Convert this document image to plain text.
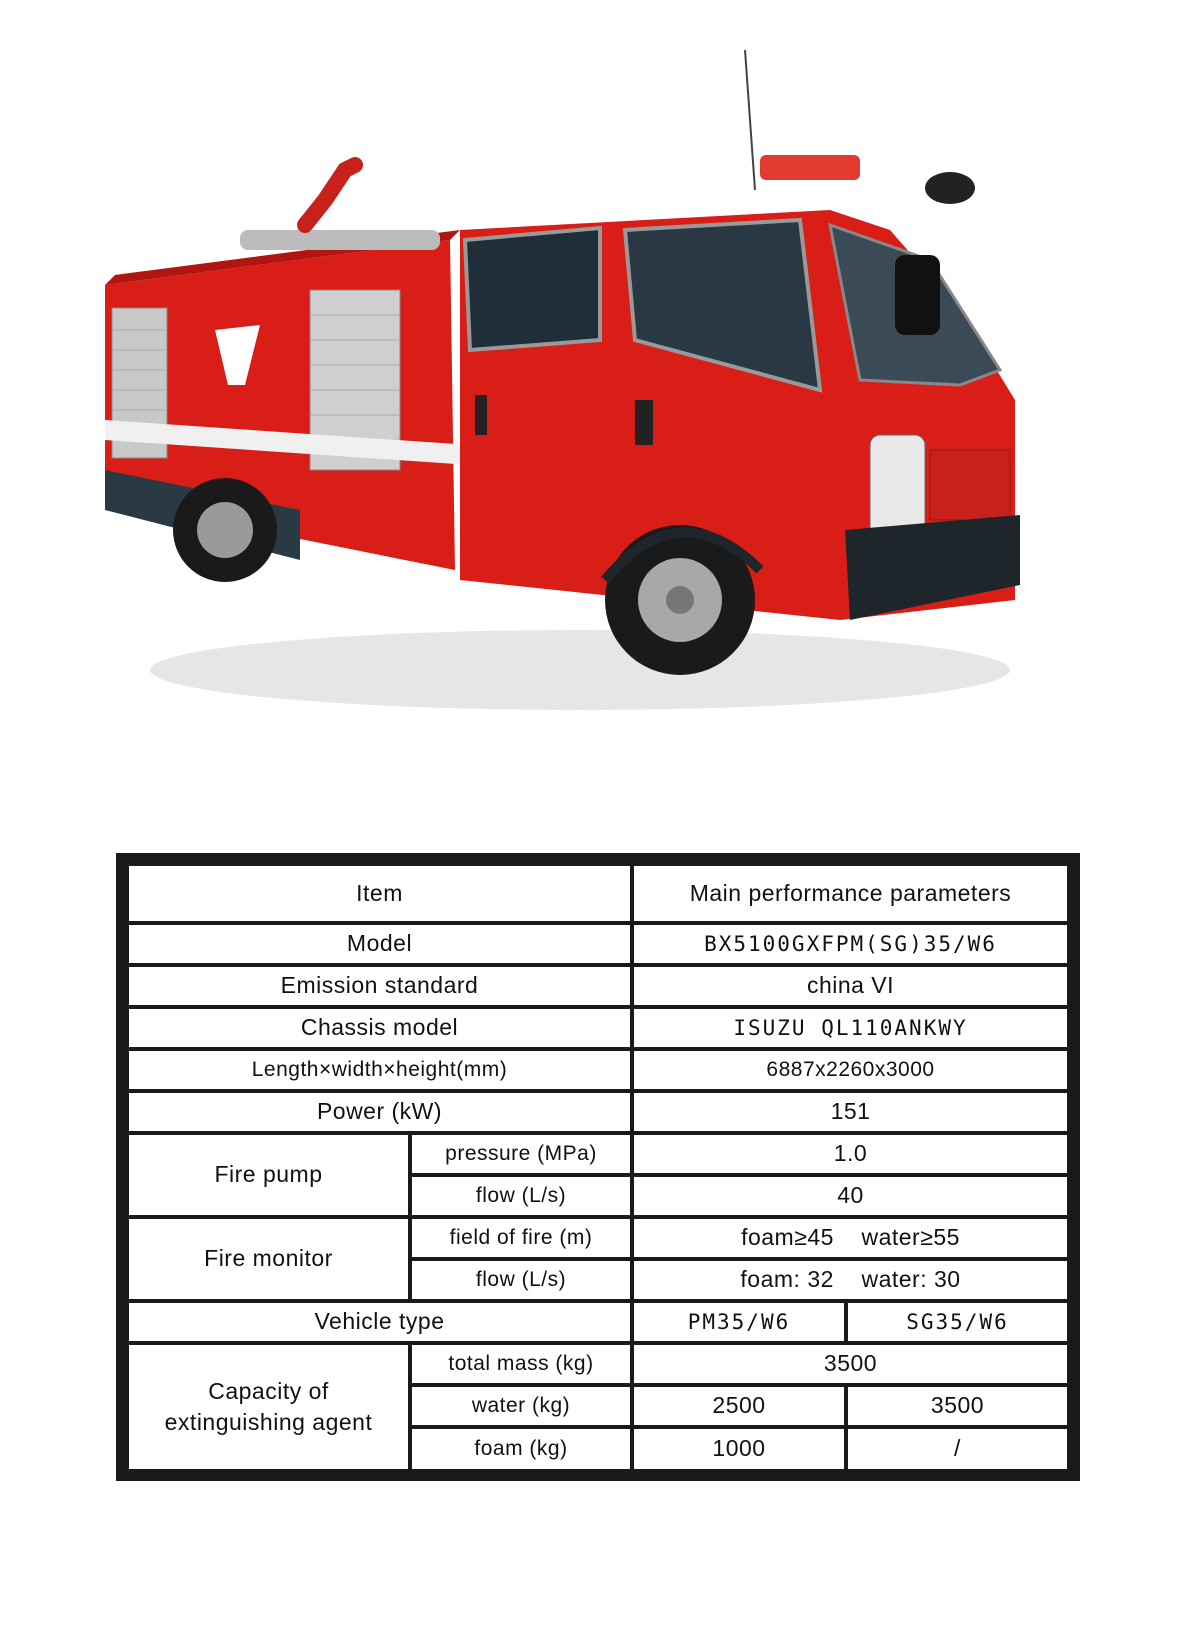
Item	Main performance parameters
Model	BX5100GXFPM(SG)35/W6
Emission standard	china VI
Chassis model	ISUZU QL110ANKWY
Length×width×height(mm)	6887x2260x3000
Power (kW)	151
Fire pump
pressure (MPa)	1.0
flow (L/s)	40
Fire monitor
field of fire (m)	foam≥45    water≥55
flow (L/s)	foam: 32    water: 30
Vehicle type	PM35/W6	SG35/W6
Capacity of
extinguishing agent
total mass (kg)	3500
water (kg)	2500	3500
foam (kg)	1000	/
